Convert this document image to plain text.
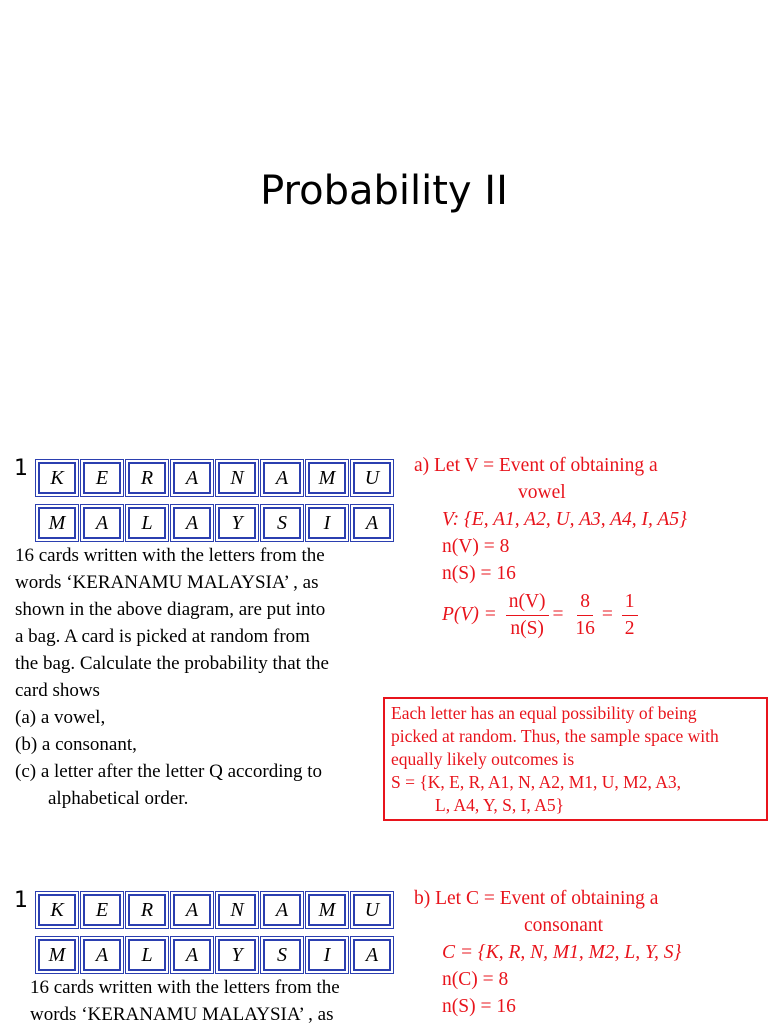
Probability II
1	K	E	R	A	N	A	M	U
M	A	L	A	Y	S	I	A

16 cards written with the letters from the

words ‘KERANAMU MALAYSIA’ , as

shown in the above diagram, are put into

a bag. A card is picked at random from

the bag. Calculate the probability that the

card shows

(a) a vowel,

(b) a consonant,

(c) a letter after the letter Q according to alphabetical order.

a) Let V = Event of obtaining a
vowel
V: {E, A1, A2, U, A3, A4, I, A5}
n(V) = 8
n(S) = 16
$P(V) = \frac{n(V)}{n(S)} = \frac{8}{16} = \frac{1}{2}$
Each letter has an equal possibility of being
picked at random. Thus, the sample space with
equally likely outcomes is
S = {K, E, R, A1, N, A2, M1, U, M2, A3,
L, A4, Y, S, I, A5}
1	K	E	R	A	N	A	M	U
M	A	L	A	Y	S	I	A

16 cards written with the letters from the

words ‘KERANAMU MALAYSIA’ , as

b) Let C = Event of obtaining a
consonant
C = {K, R, N, M1, M2, L, Y, S}
n(C) = 8
n(S) = 16
